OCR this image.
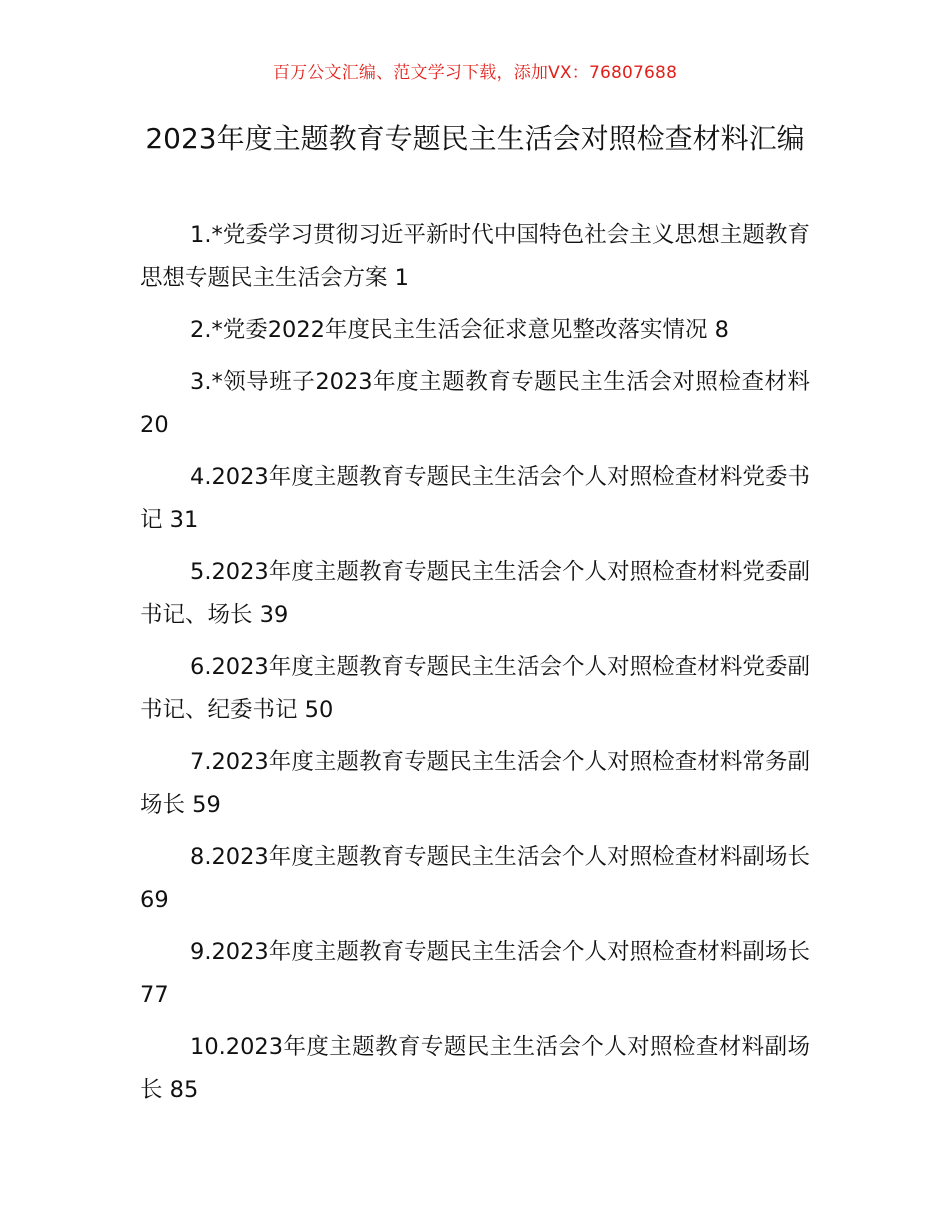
百万公文汇编、范文学习下载，添加VX：76807688
2023年度主题教育专题民主生活会对照检查材料汇编
1.*党委学习贯彻习近平新时代中国特色社会主义思想主题教育思想专题民主生活会方案 1
2.*党委2022年度民主生活会征求意见整改落实情况 8
3.*领导班子2023年度主题教育专题民主生活会对照检查材料 20
4.2023年度主题教育专题民主生活会个人对照检查材料党委书记 31
5.2023年度主题教育专题民主生活会个人对照检查材料党委副书记、场长 39
6.2023年度主题教育专题民主生活会个人对照检查材料党委副书记、纪委书记 50
7.2023年度主题教育专题民主生活会个人对照检查材料常务副场长 59
8.2023年度主题教育专题民主生活会个人对照检查材料副场长 69
9.2023年度主题教育专题民主生活会个人对照检查材料副场长 77
10.2023年度主题教育专题民主生活会个人对照检查材料副场长 85
